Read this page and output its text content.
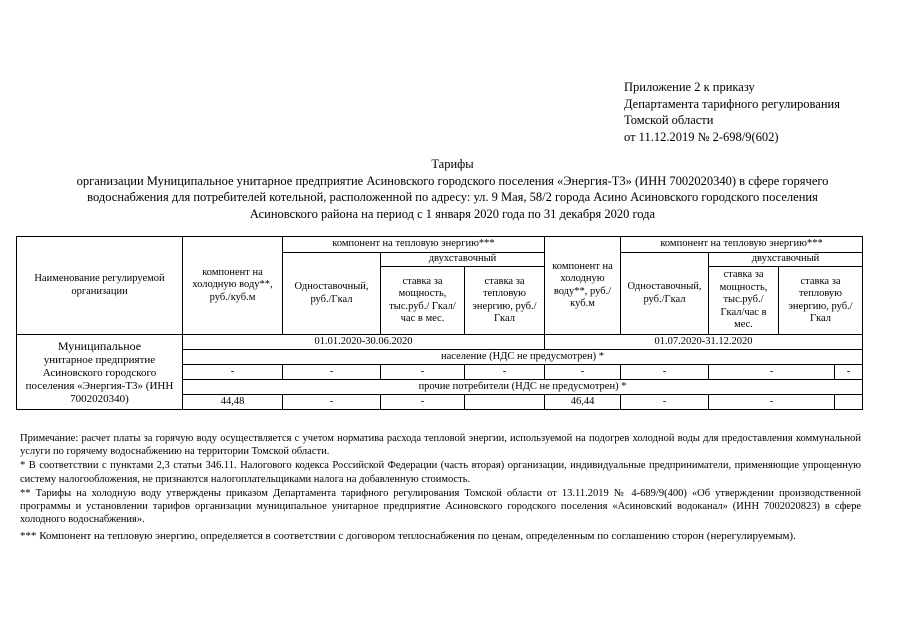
Приложение 2 к приказу
Департамента тарифного регулирования
Томской области
от 11.12.2019 № 2-698/9(602)
Тарифы
организации Муниципальное унитарное предприятие Асиновского городского поселения «Энергия-Т3» (ИНН 7002020340) в сфере горячего
водоснабжения для потребителей котельной, расположенной по адресу: ул. 9 Мая, 58/2 города Асино Асиновского городского поселения
Асиновского района на период с 1 января 2020 года по 31 декабря 2020 года
Наименование регулируемой организации	компонент на холодную воду**, руб./куб.м	компонент на тепловую энергию***			компонент на холодную воду**, руб./куб.м	компонент на тепловую энергию***			
		Одноставочный, руб./Гкал	двухставочный			Одноставочный, руб./Гкал	двухставочный		
			ставка за мощность, тыс.руб./ Гкал/час в мес.	ставка за тепловую энергию, руб./Гкал			ставка за мощность, тыс.руб./ Гкал/час в мес.	ставка за тепловую энергию, руб./Гкал	

Муниципальное
унитарное предприятие Асиновского городского поселения «Энергия-Т3» (ИНН 7002020340)	01.01.2020-30.06.2020				01.07.2020-31.12.2020				
	население (НДС не предусмотрен) *								
	-	-	-	-	-	-	-		-
	прочие потребители (НДС не предусмотрен) *								
	44,48	-	-		46,44	-	-		

Примечание: расчет платы за горячую воду осуществляется с учетом норматива расхода тепловой энергии, используемой на подогрев холодной воды для предоставления коммунальной услуги по горячему водоснабжению на территории Томской области.

* В соответствии с пунктами 2,3 статьи 346.11. Налогового кодекса Российской Федерации (часть вторая) организации, индивидуальные предприниматели, применяющие упрощенную систему налогообложения, не признаются налогоплательщиками налога на добавленную стоимость.

** Тарифы на холодную воду утверждены приказом Департамента тарифного регулирования Томской области от 13.11.2019 № 4-689/9(400) «Об утверждении производственной программы и установлении тарифов организации муниципальное унитарное предприятие Асиновского городского поселения «Асиновский водоканал» (ИНН 7002020823) в сфере холодного водоснабжения».

*** Компонент на тепловую энергию, определяется в соответствии с договором теплоснабжения по ценам, определенным по соглашению сторон (нерегулируемым).
